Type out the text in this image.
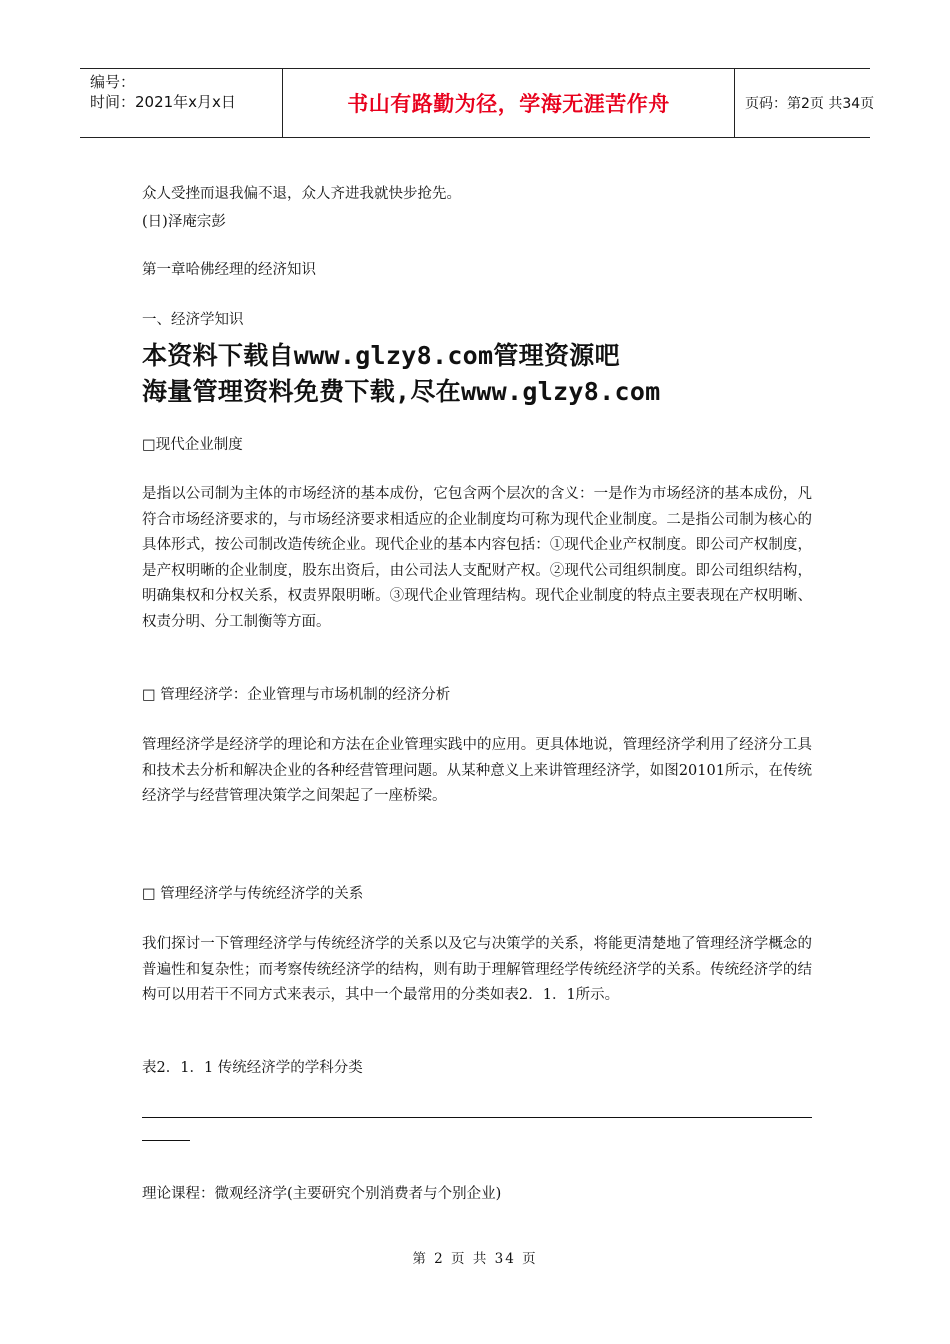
编号：
时间：2021年x月x日	书山有路勤为径，学海无涯苦作舟	页码：第2页 共34页
众人受挫而退我偏不退，众人齐进我就快步抢先。
(日)泽庵宗彭
第一章哈佛经理的经济知识
一、经济学知识
本资料下载自www.glzy8.com管理资源吧
海量管理资料免费下载,尽在www.glzy8.com
□现代企业制度
是指以公司制为主体的市场经济的基本成份，它包含两个层次的含义：一是作为市场经济的基本成份，凡符合市场经济要求的，与市场经济要求相适应的企业制度均可称为现代企业制度。二是指公司制为核心的具体形式，按公司制改造传统企业。现代企业的基本内容包括：①现代企业产权制度。即公司产权制度，是产权明晰的企业制度，股东出资后，由公司法人支配财产权。②现代公司组织制度。即公司组织结构，明确集权和分权关系，权责界限明晰。③现代企业管理结构。现代企业制度的特点主要表现在产权明晰、权责分明、分工制衡等方面。
□ 管理经济学：企业管理与市场机制的经济分析
管理经济学是经济学的理论和方法在企业管理实践中的应用。更具体地说，管理经济学利用了经济分工具和技术去分析和解决企业的各种经营管理问题。从某种意义上来讲管理经济学，如图20101所示，在传统经济学与经营管理决策学之间架起了一座桥梁。
□ 管理经济学与传统经济学的关系
我们探讨一下管理经济学与传统经济学的关系以及它与决策学的关系，将能更清楚地了管理经济学概念的普遍性和复杂性；而考察传统经济学的结构，则有助于理解管理经学传统经济学的关系。传统经济学的结构可以用若干不同方式来表示，其中一个最常用的分类如表2．1．1所示。
表2．1．1 传统经济学的学科分类
理论课程：微观经济学(主要研究个别消费者与个别企业)
第 2 页 共 34 页
